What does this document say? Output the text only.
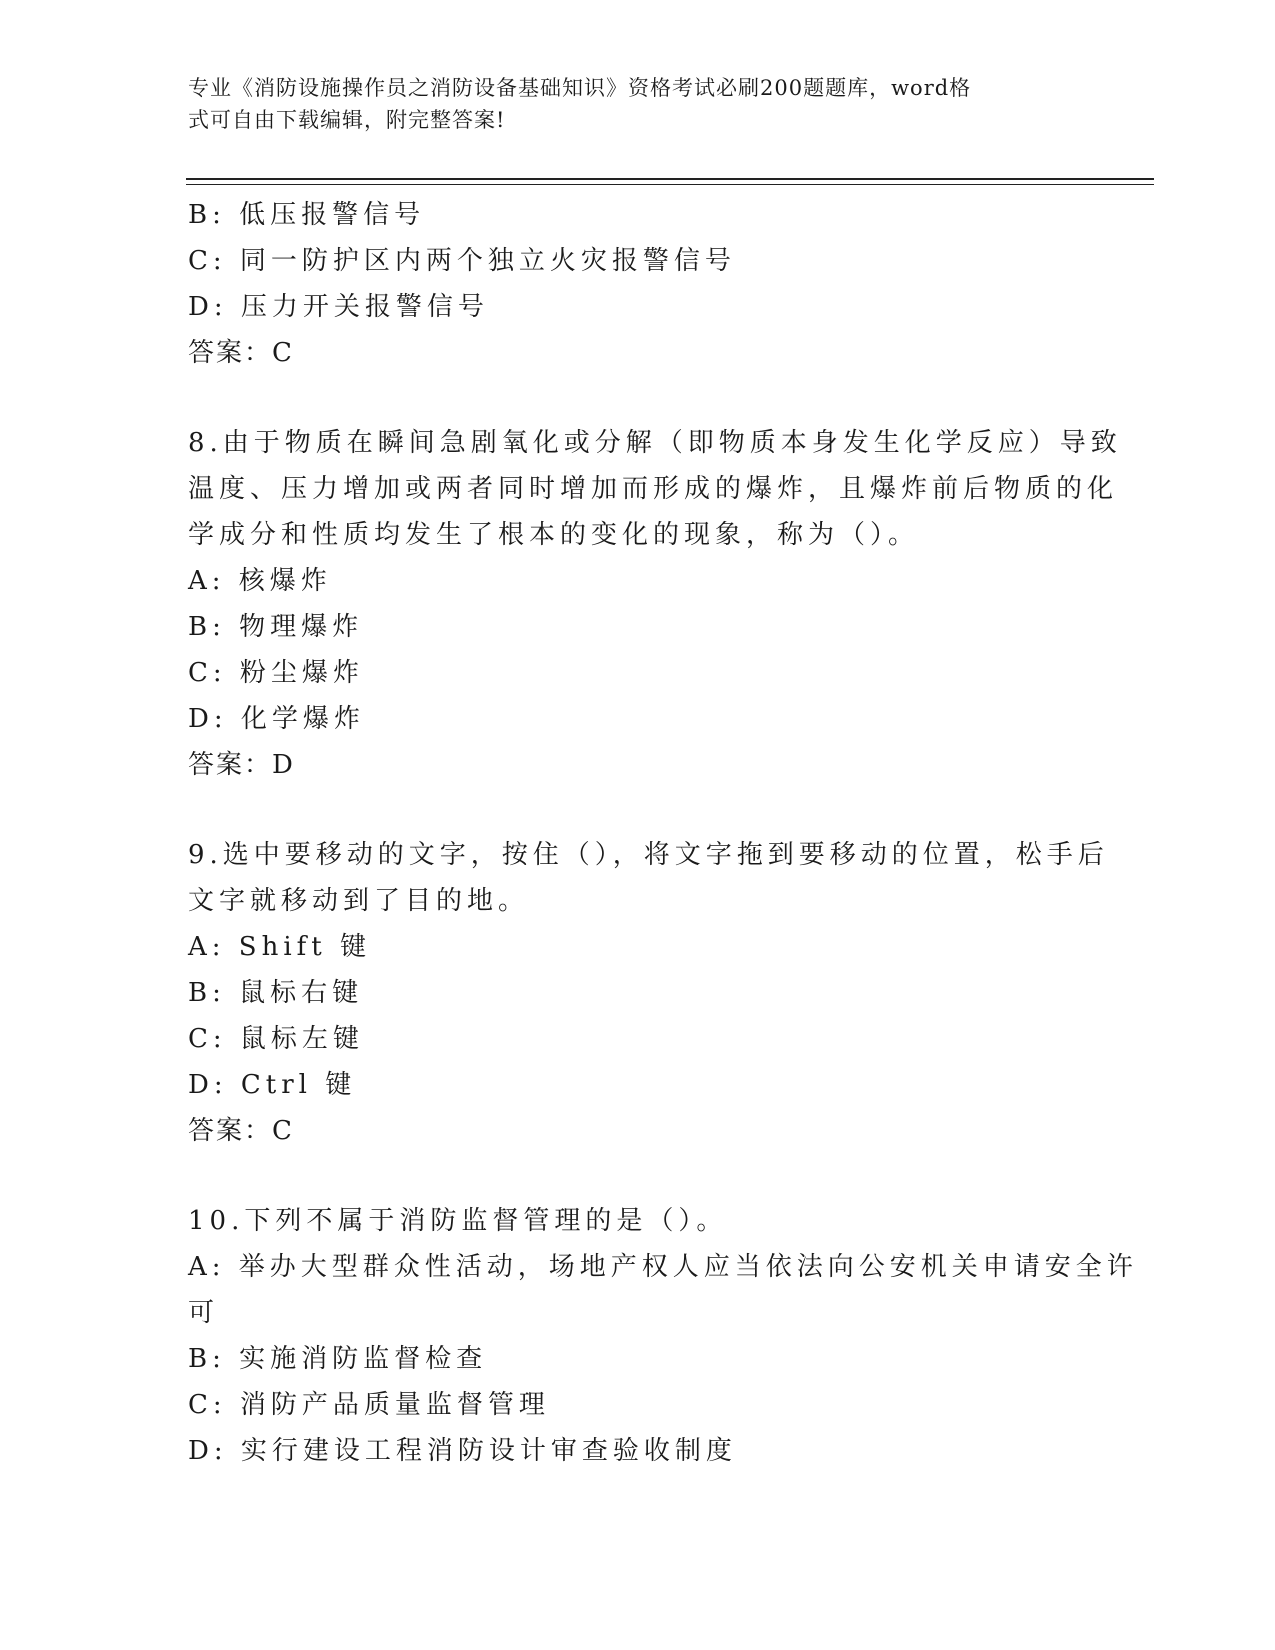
专业《消防设施操作员之消防设备基础知识》资格考试必刷200题题库，word格
式可自由下载编辑，附完整答案!
B: 低压报警信号
C: 同一防护区内两个独立火灾报警信号
D: 压力开关报警信号
答案：C
8.由于物质在瞬间急剧氧化或分解（即物质本身发生化学反应）导致
温度、压力增加或两者同时增加而形成的爆炸，且爆炸前后物质的化
学成分和性质均发生了根本的变化的现象，称为（）。
A: 核爆炸
B: 物理爆炸
C: 粉尘爆炸
D: 化学爆炸
答案：D
9.选中要移动的文字，按住（），将文字拖到要移动的位置，松手后
文字就移动到了目的地。
A: Shift 键
B: 鼠标右键
C: 鼠标左键
D: Ctrl 键
答案：C
10.下列不属于消防监督管理的是（）。
A: 举办大型群众性活动，场地产权人应当依法向公安机关申请安全许
可
B: 实施消防监督检查
C: 消防产品质量监督管理
D: 实行建设工程消防设计审查验收制度
